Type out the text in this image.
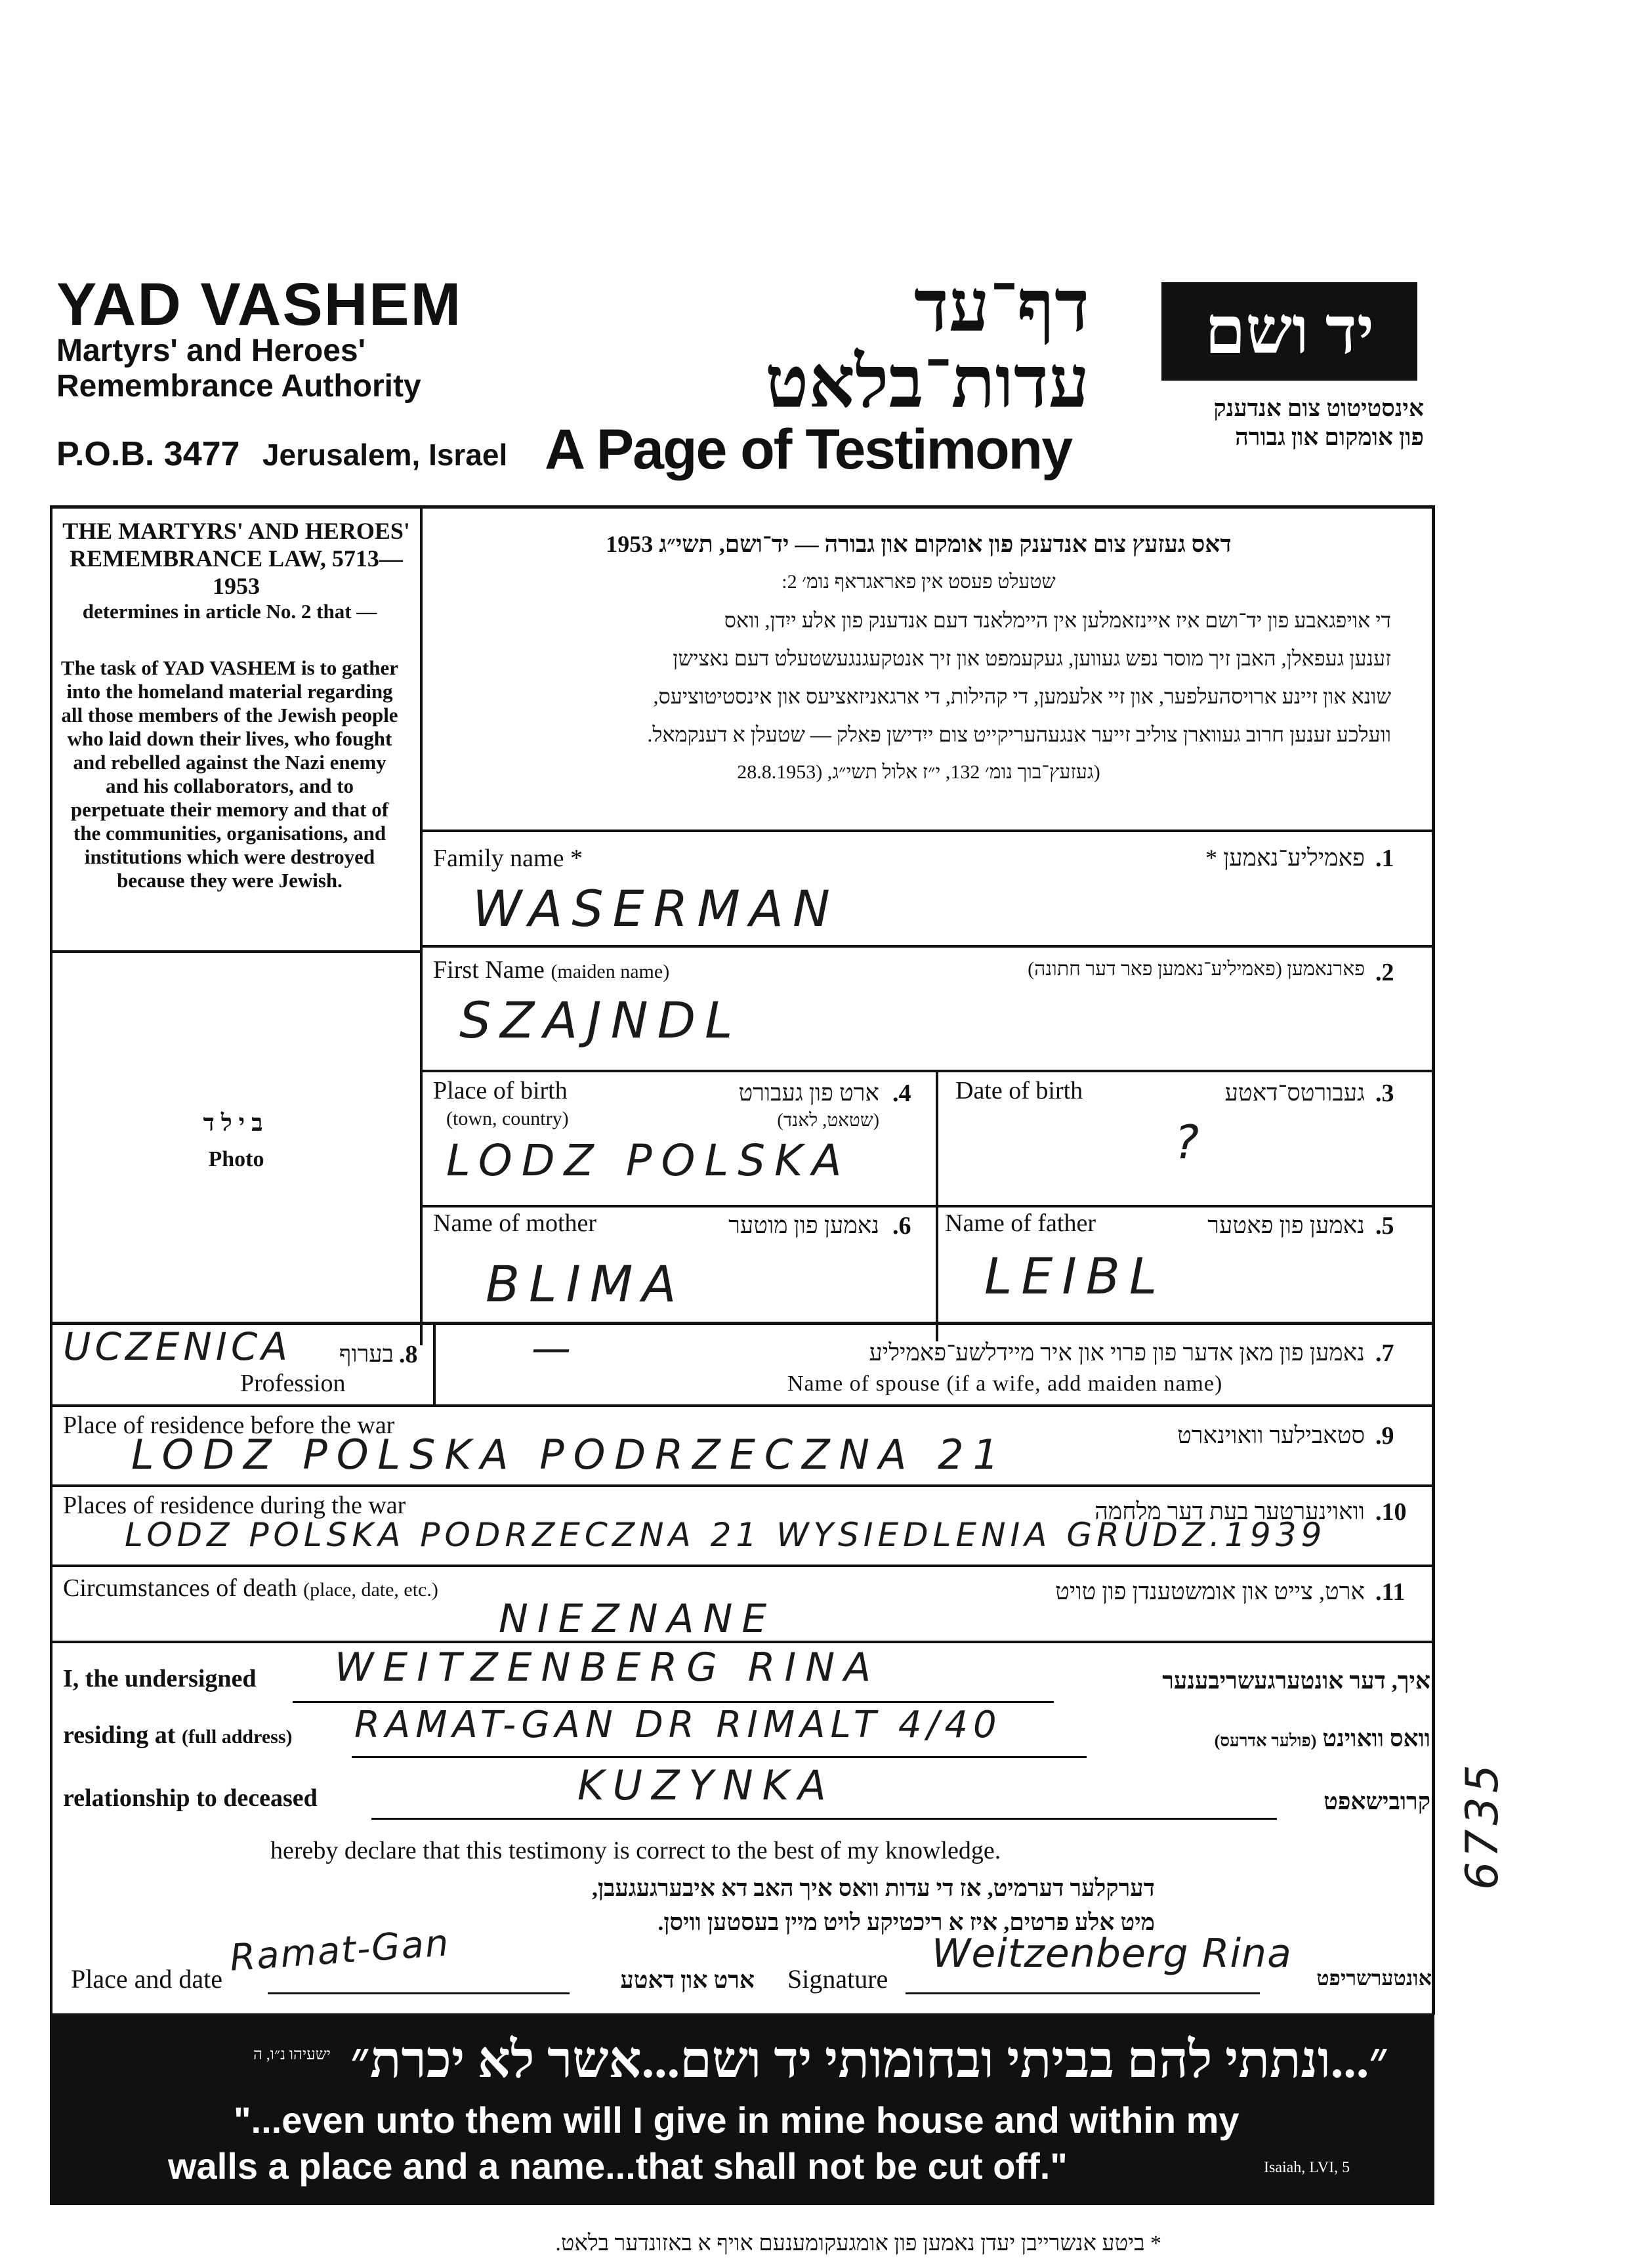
YAD VASHEM
Martyrs' and Heroes' Remembrance Authority
P.O.B. 3477 Jerusalem, Israel
דף־עד
עדות־בלאט
A Page of Testimony
יד ושם
אינסטיטוט צום אנדענק
פון אומקום און גבורה
THE MARTYRS' AND HEROES' REMEMBRANCE LAW, 5713—1953
determines in article No. 2 that —
The task of YAD VASHEM is to gather into the homeland material regarding all those members of the Jewish people who laid down their lives, who fought and rebelled against the Nazi enemy and his collaborators, and to perpetuate their memory and that of the communities, organisations, and institutions which were destroyed because they were Jewish.
בילד
Photo
דאס געזעץ צום אנדענק פון אומקום און גבורה — יד־ושם, תשי״ג 1953
שטעלט פעסט אין פאראגראף נומ׳ 2:
די אויפגאבע פון יד־ושם איז איינזאמלען אין היימלאנד דעם אנדענק פון אלע ייִדן, וואס
זענען געפאלן, האבן זיך מוסר נפש געווען, געקעמפט און זיך אנטקעגנגעשטעלט דעם נאצישן
שונא און זיינע ארויסהעלפער, און זיי אלעמען, די קהילות, די ארגאניזאציעס און אינסטיטוציעס,
וועלכע זענען חרוב געווארן צוליב זייער אנגעהעריקייט צום ייִדישן פאלק — שטעלן א דענקמאל.
(געזעץ־בוך נומ׳ 132, י״ז אלול תשי״ג, (28.8.1953
Family name *	פאמיליע־נאמען * .1
WASERMAN
First Name (maiden name)	פארנאמען (פאמיליע־נאמען פאר דער חתונה) .2
SZAJNDL
Place of birth
(town, country)
ארט פון געבורט
(שטאט, לאנד)
.4
LODZ POLSKA
Date of birth	געבורטס־דאטע .3
?
Name of mother	נאמען פון מוטער .6
BLIMA
Name of father	נאמען פון פאטער .5
LEIBL
UCZENICA	בערוף .8
Profession
—	נאמען פון מאן אדער פון פרוי און איר מיידלשע־פאמיליע .7
Name of spouse (if a wife, add maiden name)
Place of residence before the war	סטאבילער וואוינארט .9
LODZ POLSKA PODRZECZNA 21
Places of residence during the war	וואוינערטער בעת דער מלחמה .10
LODZ POLSKA PODRZECZNA 21 WYSIEDLENIA GRUDZ.1939
Circumstances of death (place, date, etc.)	ארט, צייט און אומשטענדן פון טויט .11
NIEZNANE
I, the undersigned WEITZENBERG RINA	איך, דער אונטערגעשריבענער
residing at (full address) RAMAT-GAN DR RIMALT 4/40	וואס וואוינט (פולער אדרעס)
relationship to deceased	KUZYNKA	קרובישאפט
hereby declare that this testimony is correct to the best of my knowledge.
דערקלער דערמיט, אז די עדות וואס איך האב דא איבערגעגעבן,
מיט אלע פרטים, איז א ריכטיקע לויט מיין בעסטען וויסן.
Place and date Ramat-Gan
ארט און דאטע Signature
Weitzenberg Rina
אונטערשריפט
6735
״...ונתתי להם בביתי ובחומותי יד ושם...אשר לא יכרת״
ישעיהו נ״ו, ה
"...even unto them will I give in mine house and within my
walls a place and a name...that shall not be cut off."	Isaiah, LVI, 5
* ביטע אנשרייבן יעדן נאמען פון אומגעקומענעם אויף א באזונדער בלאט.
